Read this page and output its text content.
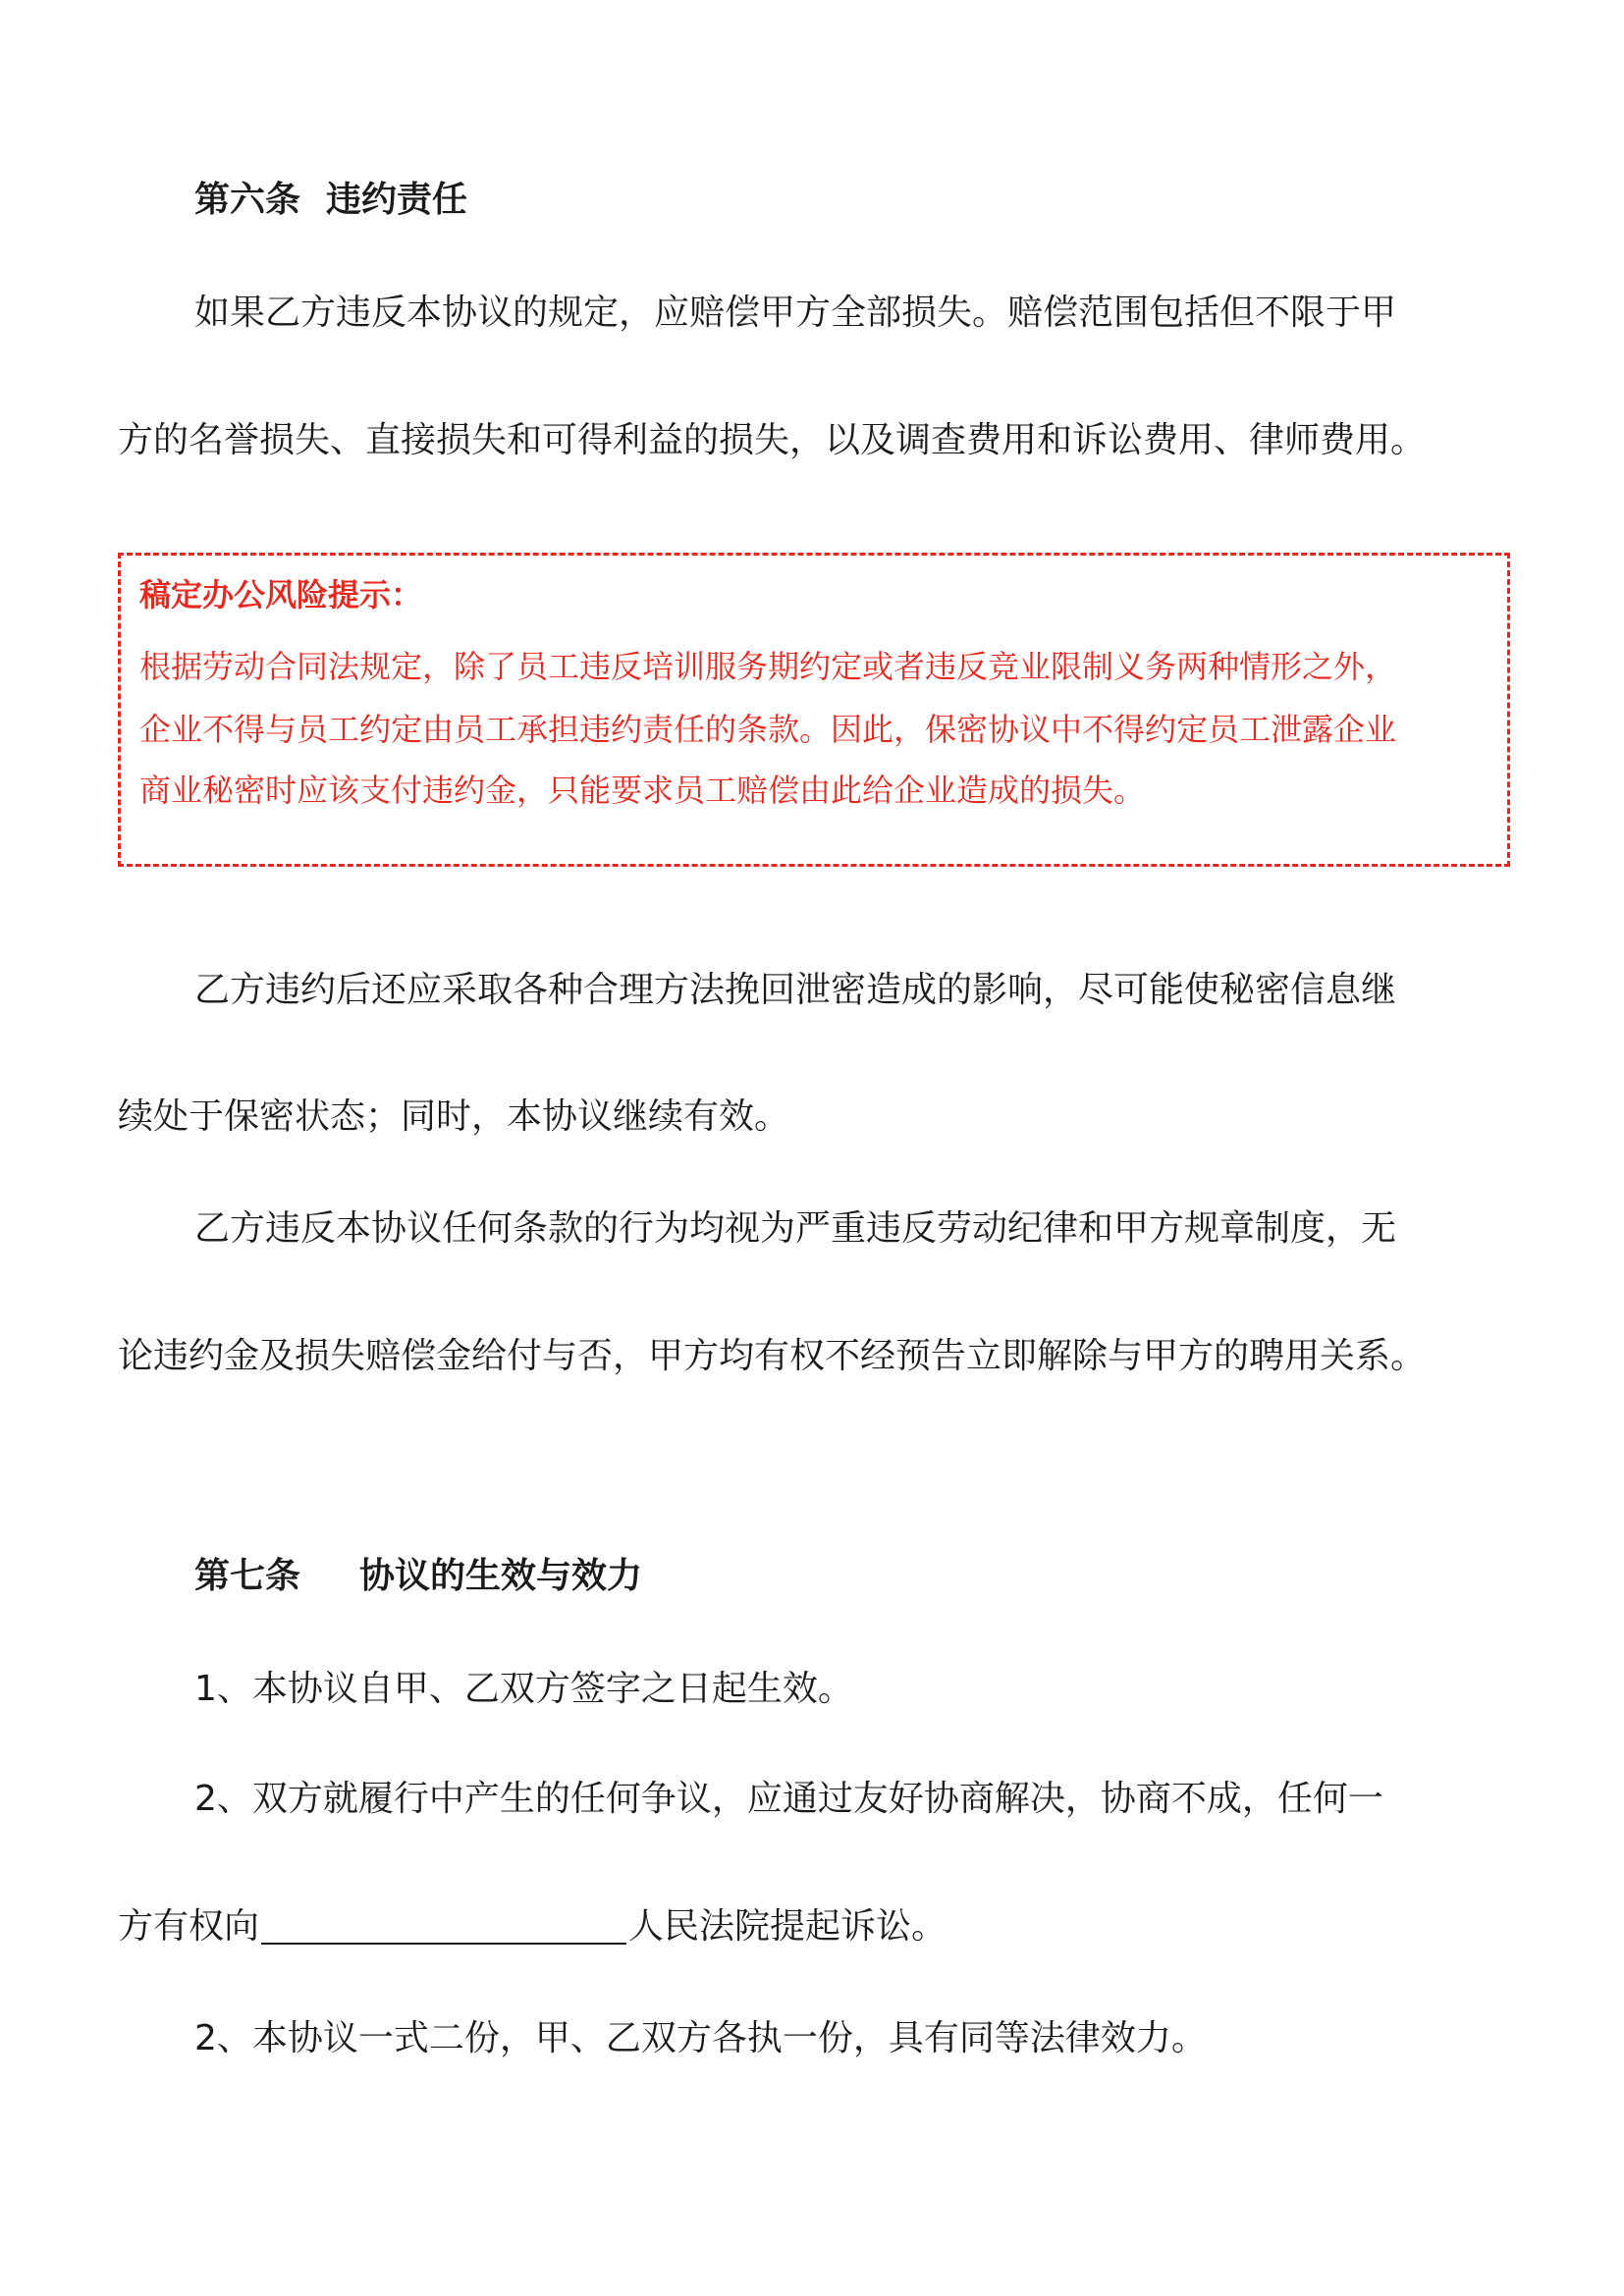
第六条 违约责任
如果乙方违反本协议的规定，应赔偿甲方全部损失。赔偿范围包括但不限于甲
方的名誉损失、直接损失和可得利益的损失，以及调查费用和诉讼费用、律师费用。
稿定办公风险提示：
根据劳动合同法规定，除了员工违反培训服务期约定或者违反竞业限制义务两种情形之外，
企业不得与员工约定由员工承担违约责任的条款。因此，保密协议中不得约定员工泄露企业
商业秘密时应该支付违约金，只能要求员工赔偿由此给企业造成的损失。
乙方违约后还应采取各种合理方法挽回泄密造成的影响，尽可能使秘密信息继
续处于保密状态；同时，本协议继续有效。
乙方违反本协议任何条款的行为均视为严重违反劳动纪律和甲方规章制度，无
论违约金及损失赔偿金给付与否，甲方均有权不经预告立即解除与甲方的聘用关系。
第七条 协议的生效与效力
1、本协议自甲、乙双方签字之日起生效。
2、双方就履行中产生的任何争议，应通过友好协商解决，协商不成，任何一
方有权向	人民法院提起诉讼。
2、本协议一式二份，甲、乙双方各执一份，具有同等法律效力。
